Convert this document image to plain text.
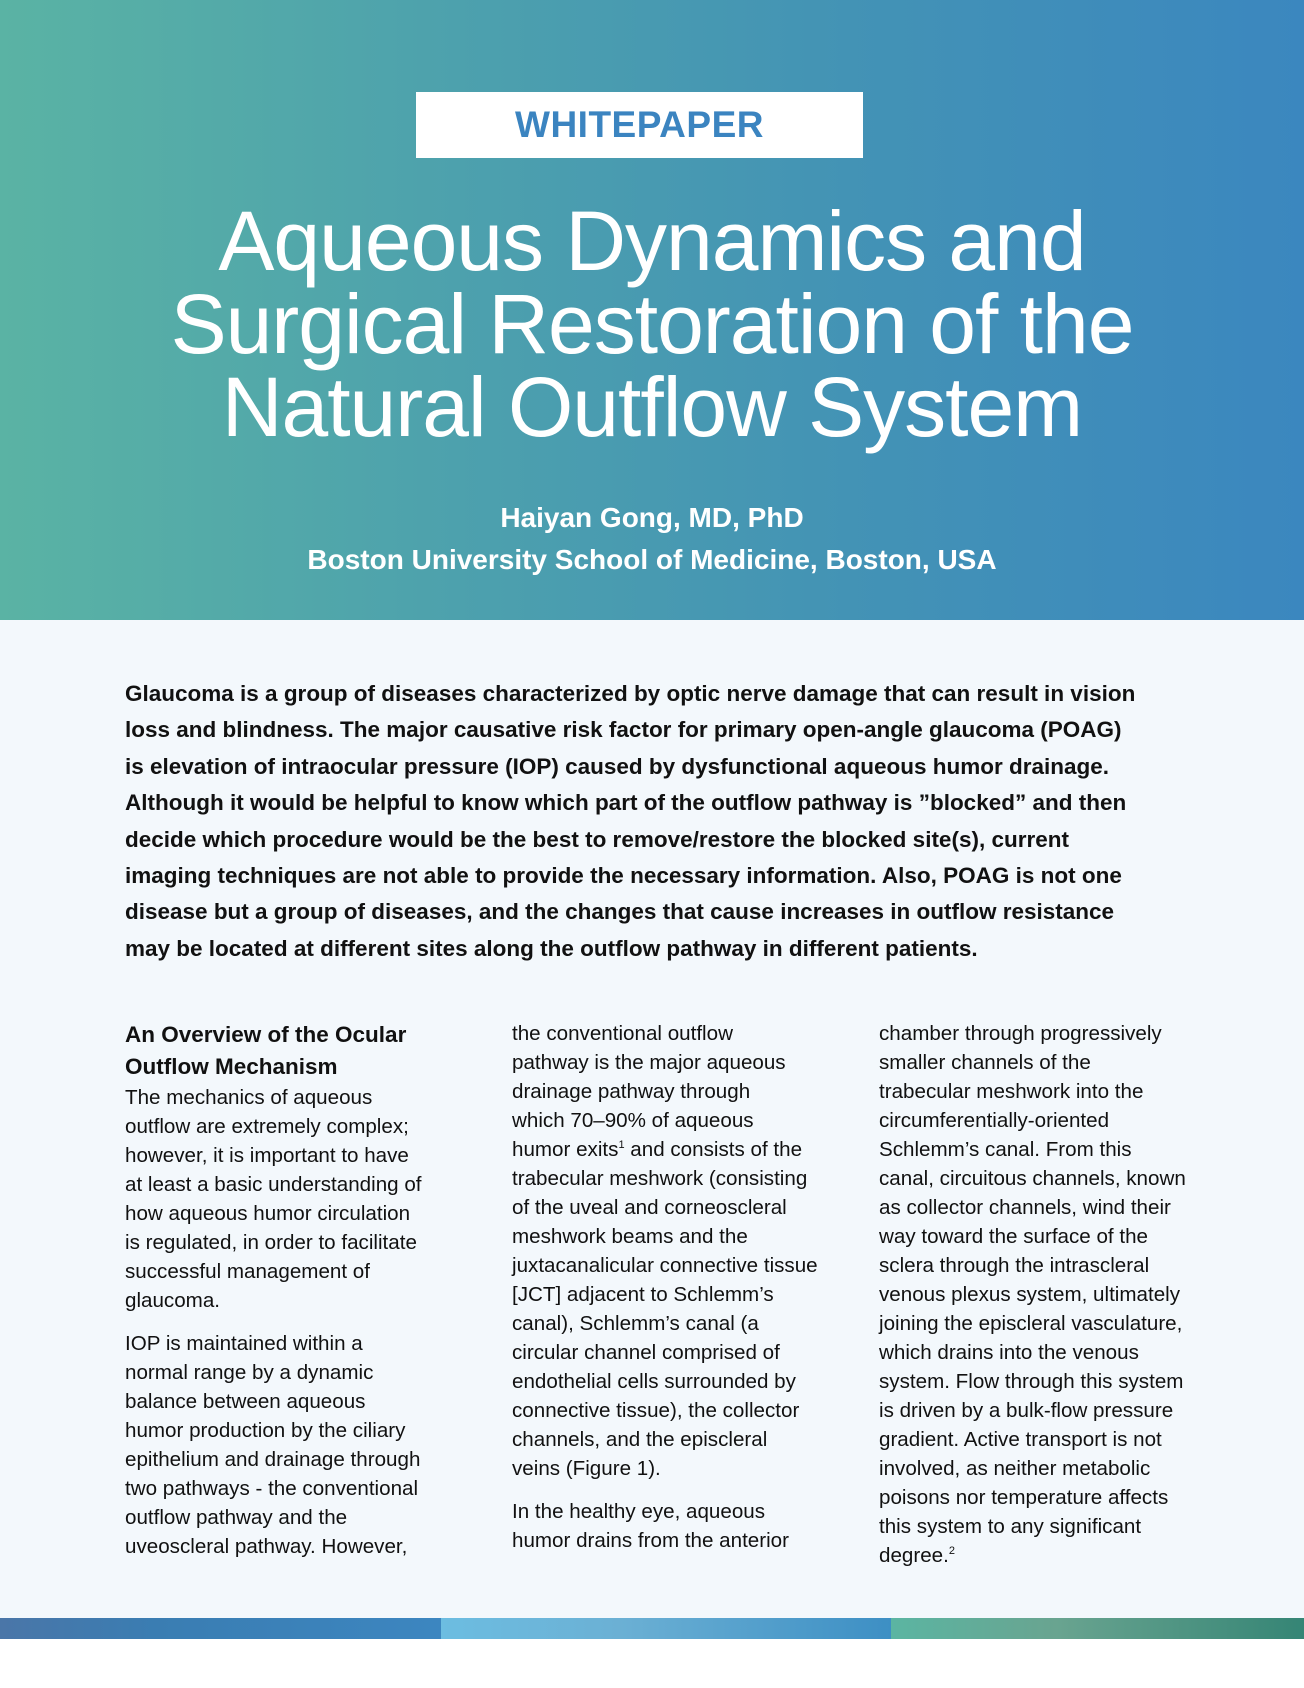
WHITEPAPER
Aqueous Dynamics and
Surgical Restoration of the
Natural Outflow System
Haiyan Gong, MD, PhD
Boston University School of Medicine, Boston, USA
Glaucoma is a group of diseases characterized by optic nerve damage that can result in vision
loss and blindness. The major causative risk factor for primary open-angle glaucoma (POAG)
is elevation of intraocular pressure (IOP) caused by dysfunctional aqueous humor drainage.
Although it would be helpful to know which part of the outflow pathway is ”blocked” and then
decide which procedure would be the best to remove/restore the blocked site(s), current
imaging techniques are not able to provide the necessary information. Also, POAG is not one
disease but a group of diseases, and the changes that cause increases in outflow resistance
may be located at different sites along the outflow pathway in different patients.
An Overview of the Ocular
Outflow Mechanism
The mechanics of aqueous
outflow are extremely complex;
however, it is important to have
at least a basic understanding of
how aqueous humor circulation
is regulated, in order to facilitate
successful management of
glaucoma.
IOP is maintained within a
normal range by a dynamic
balance between aqueous
humor production by the ciliary
epithelium and drainage through
two pathways - the conventional
outflow pathway and the
uveoscleral pathway. However,
the conventional outflow
pathway is the major aqueous
drainage pathway through
which 70–90% of aqueous
humor exits$^1$ and consists of the
trabecular meshwork (consisting
of the uveal and corneoscleral
meshwork beams and the
juxtacanalicular connective tissue
[JCT] adjacent to Schlemm’s
canal), Schlemm’s canal (a
circular channel comprised of
endothelial cells surrounded by
connective tissue), the collector
channels, and the episcleral
veins (Figure 1).
In the healthy eye, aqueous
humor drains from the anterior
chamber through progressively
smaller channels of the
trabecular meshwork into the
circumferentially-oriented
Schlemm’s canal. From this
canal, circuitous channels, known
as collector channels, wind their
way toward the surface of the
sclera through the intrascleral
venous plexus system, ultimately
joining the episcleral vasculature,
which drains into the venous
system. Flow through this system
is driven by a bulk-flow pressure
gradient. Active transport is not
involved, as neither metabolic
poisons nor temperature affects
this system to any significant
degree.$^2$
